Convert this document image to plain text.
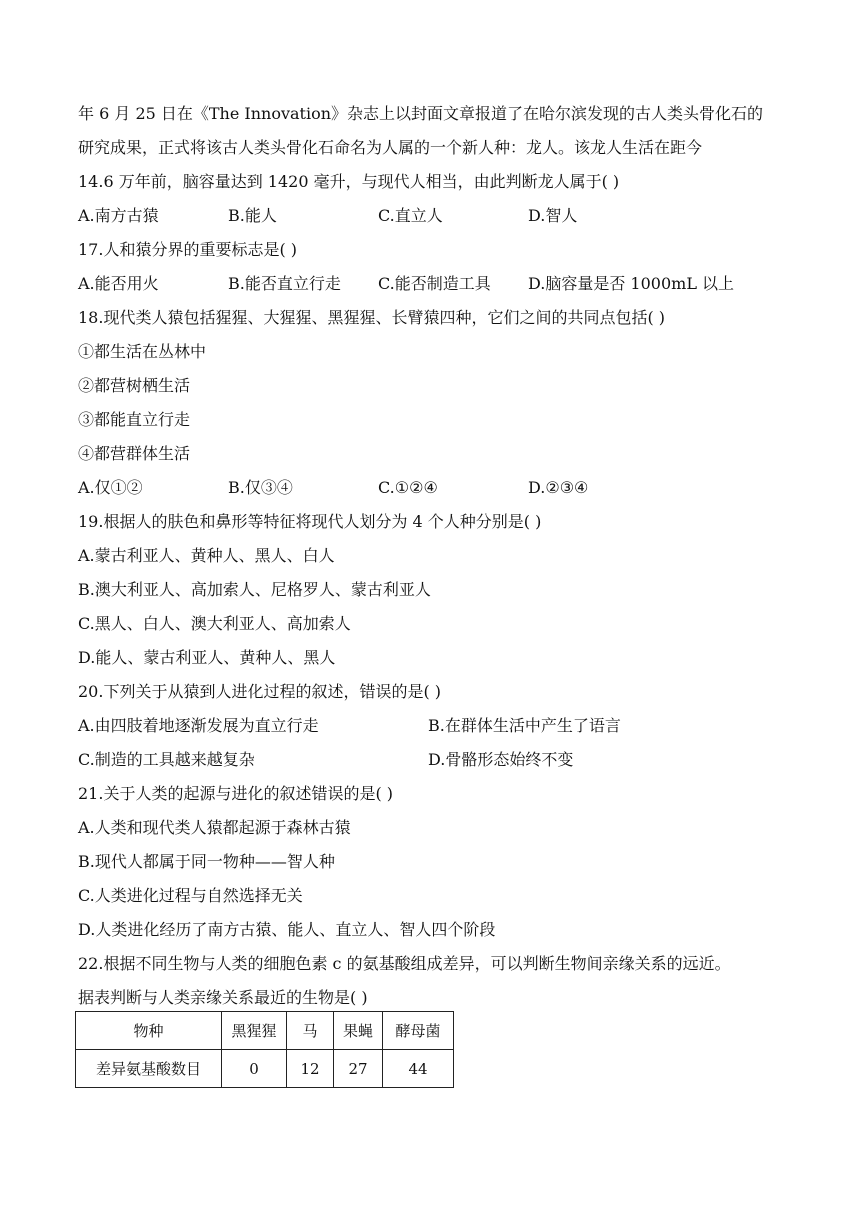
年 6 月 25 日在《The Innovation》杂志上以封面文章报道了在哈尔滨发现的古人类头骨化石的
研究成果，正式将该古人类头骨化石命名为人属的一个新人种：龙人。该龙人生活在距今
14.6 万年前，脑容量达到 1420 毫升，与现代人相当，由此判断龙人属于( )
A.南方古猿	B.能人	C.直立人	D.智人
17.人和猿分界的重要标志是( )
A.能否用火	B.能否直立行走 C.能否制造工具 D.脑容量是否 1000mL 以上
18.现代类人猿包括猩猩、大猩猩、黑猩猩、长臂猿四种，它们之间的共同点包括( )
①都生活在丛林中
②都营树栖生活
③都能直立行走
④都营群体生活
A.仅①②	B.仅③④	C.①②④	D.②③④
19.根据人的肤色和鼻形等特征将现代人划分为 4 个人种分别是( )
A.蒙古利亚人、黄种人、黑人、白人
B.澳大利亚人、高加索人、尼格罗人、蒙古利亚人
C.黑人、白人、澳大利亚人、高加索人
D.能人、蒙古利亚人、黄种人、黑人
20.下列关于从猿到人进化过程的叙述，错误的是( )
A.由四肢着地逐渐发展为直立行走	B.在群体生活中产生了语言
C.制造的工具越来越复杂	D.骨骼形态始终不变
21.关于人类的起源与进化的叙述错误的是( )
A.人类和现代类人猿都起源于森林古猿
B.现代人都属于同一物种——智人种
C.人类进化过程与自然选择无关
D.人类进化经历了南方古猿、能人、直立人、智人四个阶段
22.根据不同生物与人类的细胞色素 c 的氨基酸组成差异，可以判断生物间亲缘关系的远近。
据表判断与人类亲缘关系最近的生物是( )
物种	黑猩猩	马	果蝇	酵母菌
差异氨基酸数目	0	12	27	44
